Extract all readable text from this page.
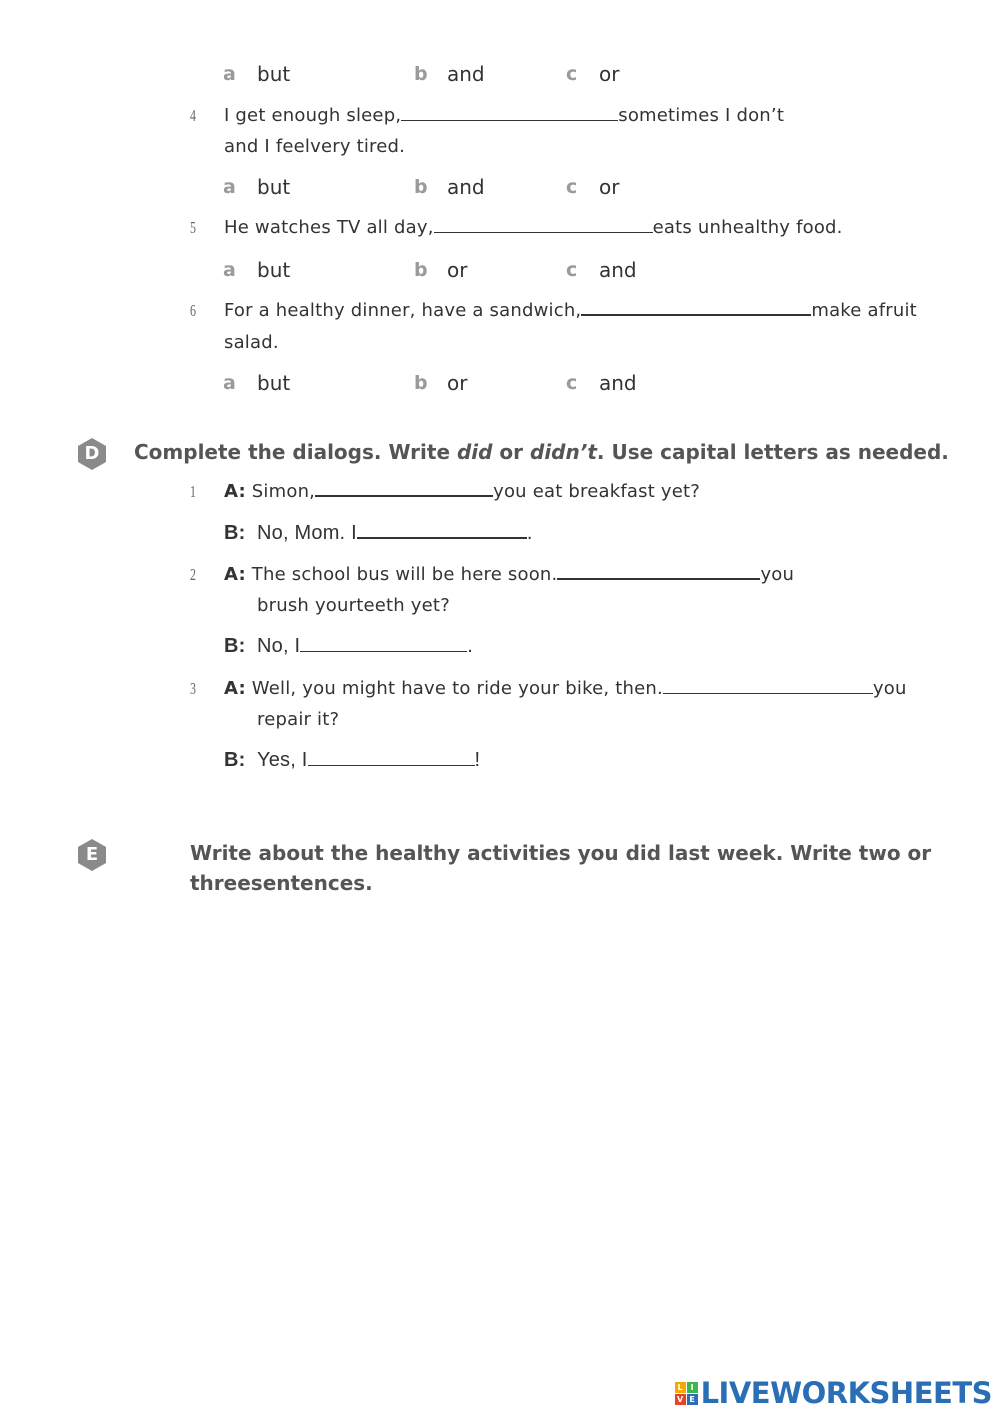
a but	b and	c or
4 I get enough sleep,	sometimes I don’t
and I feelvery tired.
a but	b and	c or
5 He watches TV all day,	eats unhealthy food.
a but	b or	c and
6 For a healthy dinner, have a sandwich,	make afruit
salad.
a but	b or	c and
D	Complete the dialogs. Write did or didn’t. Use capital letters as needed.
1 A: Simon,	you eat breakfast yet?
B: No, Mom. I	.
2 A: The school bus will be here soon.	you
brush yourteeth yet?
B: No, I	.
3 A: Well, you might have to ride your bike, then.	you
repair it?
B: Yes, I	!
E	Write about the healthy activities you did last week. Write two or
threesentences.
L I
V E LIVEWORKSHEETS
